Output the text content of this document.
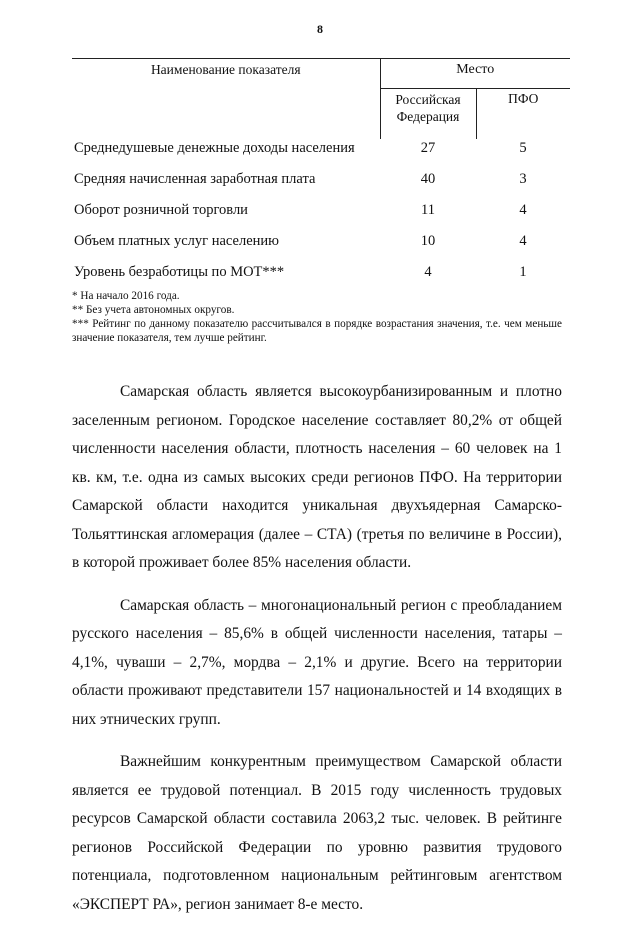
8
Наименование показателя	Место	
	Российская Федерация	ПФО
Среднедушевые денежные доходы населения	27	5
Средняя начисленная заработная плата	40	3
Оборот розничной торговли	11	4
Объем платных услуг населению	10	4
Уровень безработицы по МОТ***	4	1

* На начало 2016 года.

** Без учета автономных округов.

*** Рейтинг по данному показателю рассчитывался в порядке возрастания значения, т.е. чем меньше значение показателя, тем лучше рейтинг.

Самарская область является высокоурбанизированным и плотно заселенным регионом. Городское население составляет 80,2% от общей численности населения области, плотность населения – 60 человек на 1 кв. км, т.е. одна из самых высоких среди регионов ПФО. На территории Самарской области находится уникальная двухъядерная Самарско-Тольяттинская агломерация (далее – СТА) (третья по величине в России), в которой проживает более 85% населения области.

Самарская область – многонациональный регион с преобладанием русского населения – 85,6% в общей численности населения, татары – 4,1%, чуваши – 2,7%, мордва – 2,1% и другие. Всего на территории области проживают представители 157 национальностей и 14 входящих в них этнических групп.

Важнейшим конкурентным преимуществом Самарской области является ее трудовой потенциал. В 2015 году численность трудовых ресурсов Самарской области составила 2063,2 тыс. человек. В рейтинге регионов Российской Федерации по уровню развития трудового потенциала, подготовленном национальным рейтинговым агентством «ЭКСПЕРТ РА», регион занимает 8-е место.
